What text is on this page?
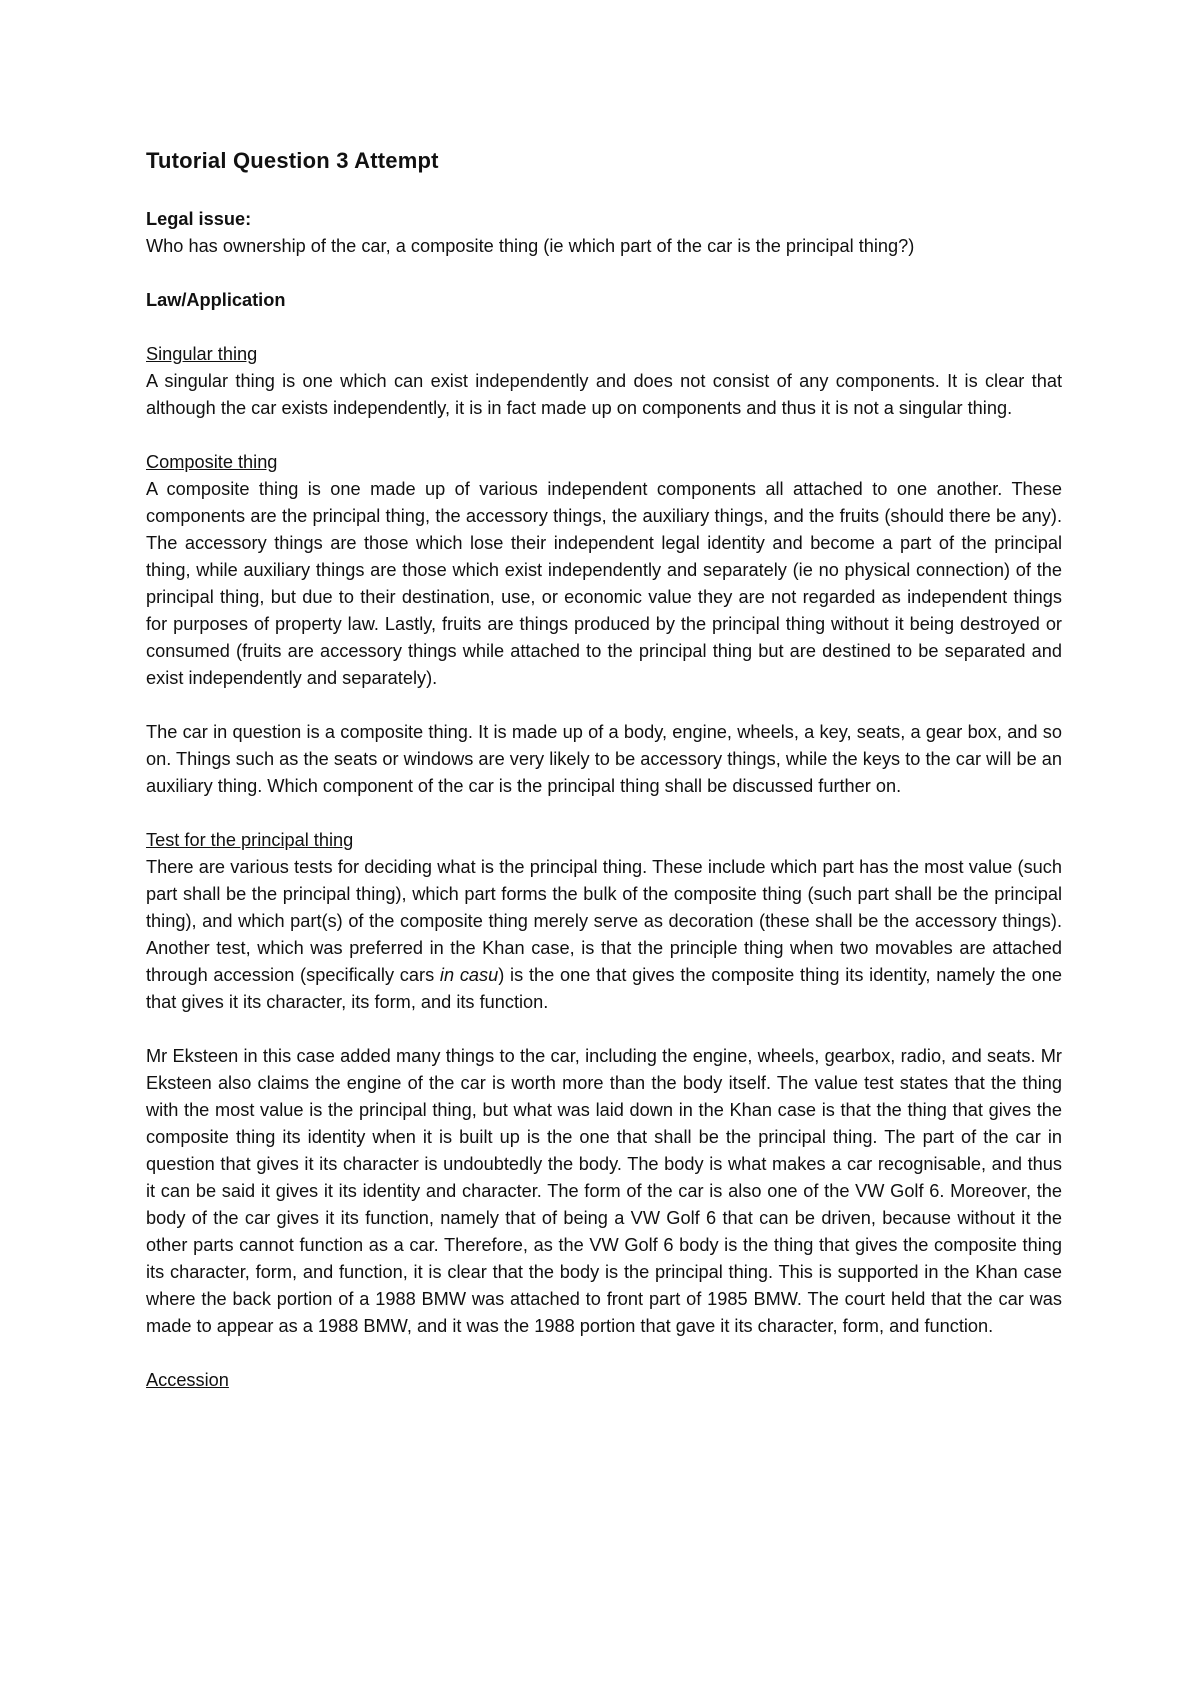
Tutorial Question 3 Attempt

Legal issue:

Who has ownership of the car, a composite thing (ie which part of the car is the principal thing?)

Law/Application

Singular thing

A singular thing is one which can exist independently and does not consist of any components. It is clear that although the car exists independently, it is in fact made up on components and thus it is not a singular thing.

Composite thing

A composite thing is one made up of various independent components all attached to one another. These components are the principal thing, the accessory things, the auxiliary things, and the fruits (should there be any). The accessory things are those which lose their independent legal identity and become a part of the principal thing, while auxiliary things are those which exist independently and separately (ie no physical connection) of the principal thing, but due to their destination, use, or economic value they are not regarded as independent things for purposes of property law. Lastly, fruits are things produced by the principal thing without it being destroyed or consumed (fruits are accessory things while attached to the principal thing but are destined to be separated and exist independently and separately).

The car in question is a composite thing. It is made up of a body, engine, wheels, a key, seats, a gear box, and so on. Things such as the seats or windows are very likely to be accessory things, while the keys to the car will be an auxiliary thing. Which component of the car is the principal thing shall be discussed further on.

Test for the principal thing

There are various tests for deciding what is the principal thing. These include which part has the most value (such part shall be the principal thing), which part forms the bulk of the composite thing (such part shall be the principal thing), and which part(s) of the composite thing merely serve as decoration (these shall be the accessory things). Another test, which was preferred in the Khan case, is that the principle thing when two movables are attached through accession (specifically cars in casu) is the one that gives the composite thing its identity, namely the one that gives it its character, its form, and its function.

Mr Eksteen in this case added many things to the car, including the engine, wheels, gearbox, radio, and seats. Mr Eksteen also claims the engine of the car is worth more than the body itself. The value test states that the thing with the most value is the principal thing, but what was laid down in the Khan case is that the thing that gives the composite thing its identity when it is built up is the one that shall be the principal thing. The part of the car in question that gives it its character is undoubtedly the body. The body is what makes a car recognisable, and thus it can be said it gives it its identity and character. The form of the car is also one of the VW Golf 6. Moreover, the body of the car gives it its function, namely that of being a VW Golf 6 that can be driven, because without it the other parts cannot function as a car. Therefore, as the VW Golf 6 body is the thing that gives the composite thing its character, form, and function, it is clear that the body is the principal thing. This is supported in the Khan case where the back portion of a 1988 BMW was attached to front part of 1985 BMW. The court held that the car was made to appear as a 1988 BMW, and it was the 1988 portion that gave it its character, form, and function.

Accession
